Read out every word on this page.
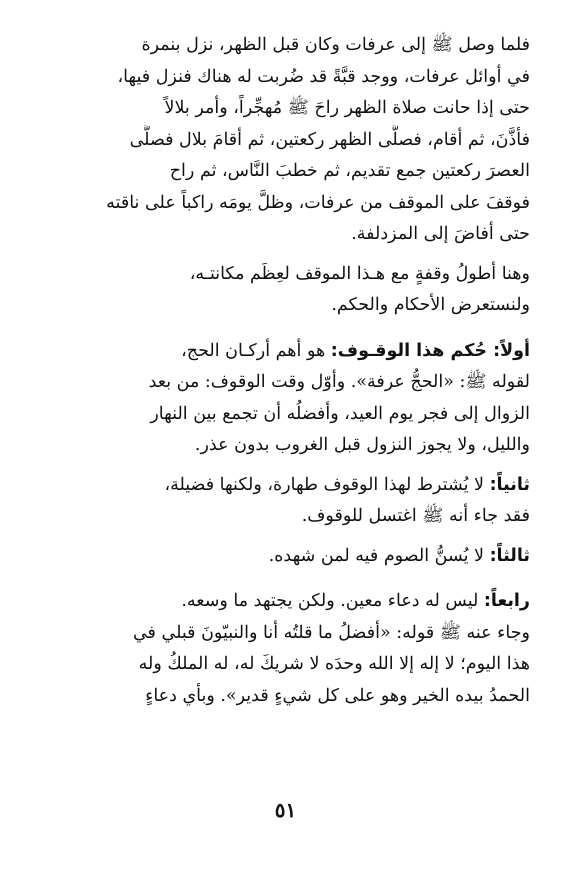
فلما وصل ﷺ إلى عرفات وكان قبل الظهر، نزل بنمرة
في أوائل عرفات، ووجد قبَّةً قد ضُربت له هناك فنزل فيها،
حتى إذا حانت صلاة الظهر راحَ ﷺ مُهجِّراً، وأمر بلالاً
فأذَّنَ، ثم أقام، فصلَّى الظهر ركعتين، ثم أقامَ بلال فصلَّى
العصرَ ركعتين جمع تقديم، ثم خطبَ النَّاس، ثم راح
فوقفَ على الموقف من عرفات، وظلَّ يومَه راكباً على ناقته
حتى أفاضَ إلى المزدلفة.

وهنا أطولُ وقفةٍ مع هـذا الموقف لعِظَم مكانتـه،
ولنستعرض الأحكام والحكم.

أولاً: حُكم هذا الوقـوف: هو أهم أركـان الحج،
لقوله ﷺ: «الحجُّ عرفة». وأوّل وقت الوقوف: من بعد
الزوال إلى فجر يوم العيد، وأفضلُه أن تجمع بين النهار
والليل، ولا يجوز النزول قبل الغروب بدون عذر.

ثانياً: لا يُشترط لهذا الوقوف طهارة، ولكنها فضيلة،
فقد جاء أنه ﷺ اغتسل للوقوف.

ثالثاً: لا يُسنُّ الصوم فيه لمن شهده.

رابعاً: ليس له دعاء معين. ولكن يجتهد ما وسعه.
وجاء عنه ﷺ قوله: «أفضلُ ما قلتُه أنا والنبيّونَ قبلي في
هذا اليوم؛ لا إله إلا الله وحدَه لا شريكَ له، له الملكُ وله
الحمدُ بيده الخير وهو على كل شيءٍ قدير». وبأي دعاءٍ

٥١
